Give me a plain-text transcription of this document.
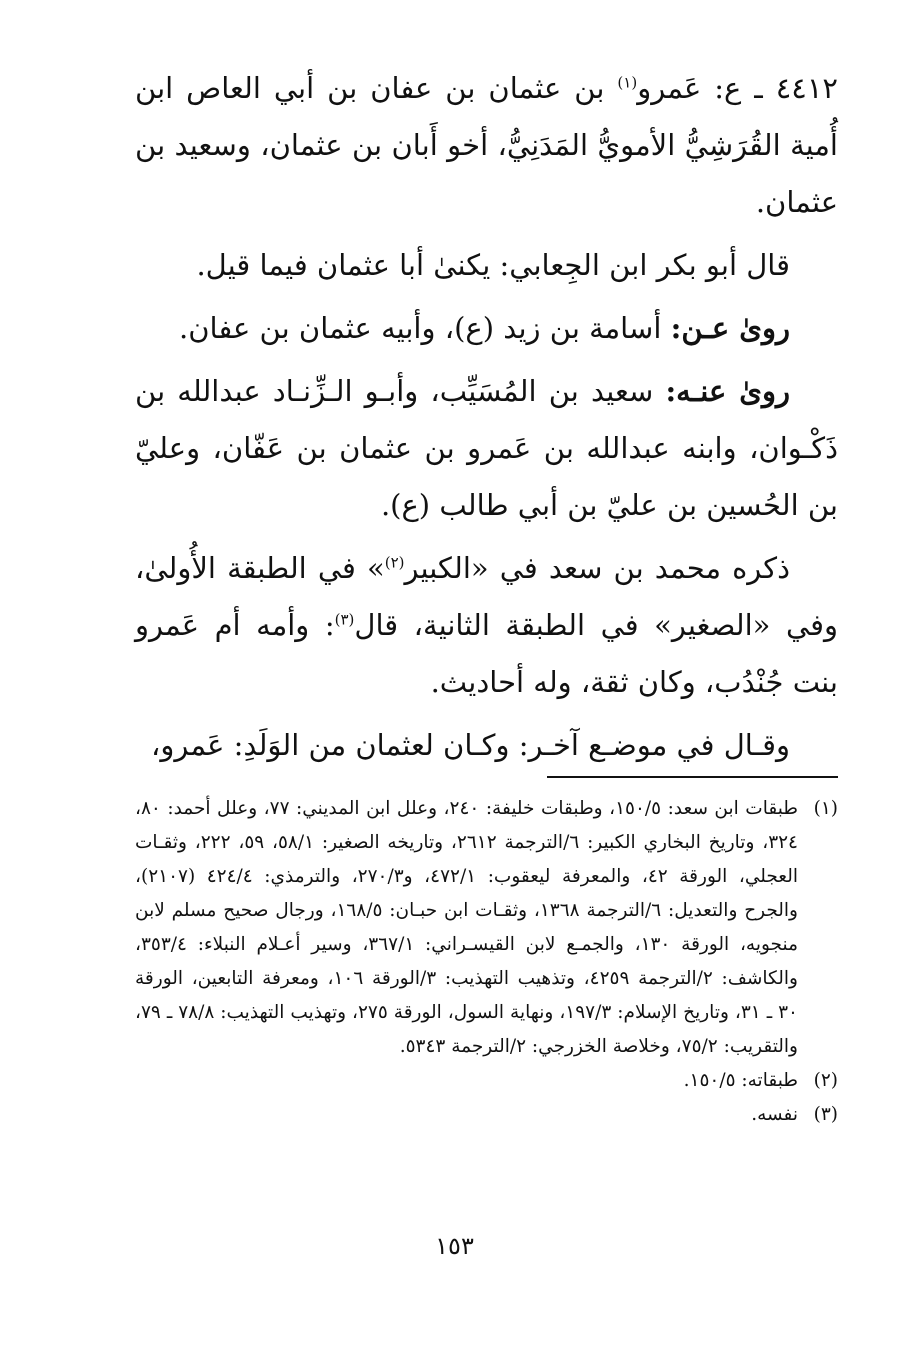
٤٤١٢ ـ ع: عَمرو$^{(١)}$ بن عثمان بن عفان بن أبي العاص ابن أُمية القُرَشِيُّ الأمويُّ المَدَنِيُّ، أخو أَبان بن عثمان، وسعيد بن عثمان.

قال أبو بكر ابن الجِعابي: يكنىٰ أبا عثمان فيما قيل.

رویٰ عـن: أسامة بن زيد (ع)، وأبيه عثمان بن عفان.

رویٰ عنـه: سعيد بن المُسَيِّب، وأبـو الـزِّنـاد عبدالله بن ذَكْـوان، وابنه عبدالله بن عَمرو بن عثمان بن عَفّان، وعليّ بن الحُسين بن عليّ بن أبي طالب (ع).

ذكره محمد بن سعد في «الكبير$^{(٢)}$» في الطبقة الأُولىٰ، وفي «الصغير» في الطبقة الثانية، قال$^{(٣)}$: وأمه أم عَمرو بنت جُنْدُب، وكان ثقة، وله أحاديث.

وقـال في موضـع آخـر: وكـان لعثمان من الوَلَدِ: عَمرو،

(١)
طبقات ابن سعد: ١٥٠/٥، وطبقات خليفة: ٢٤٠، وعلل ابن المديني: ٧٧، وعلل أحمد: ٨٠، ٣٢٤، وتاريخ البخاري الكبير: ٦/الترجمة ٢٦١٢، وتاريخه الصغير: ٥٨/١، ٥٩، ٢٢٢، وثقـات العجلي، الورقة ٤٢، والمعرفة ليعقوب: ٤٧٢/١، و٢٧٠/٣، والترمذي: ٤٢٤/٤ (٢١٠٧)، والجرح والتعديل: ٦/الترجمة ١٣٦٨، وثقـات ابن حبـان: ١٦٨/٥، ورجال صحيح مسلم لابن منجويه، الورقة ١٣٠، والجمـع لابن القيسـراني: ٣٦٧/١، وسير أعـلام النبلاء: ٣٥٣/٤، والكاشف: ٢/الترجمة ٤٢٥٩، وتذهيب التهذيب: ٣/الورقة ١٠٦، ومعرفة التابعين، الورقة ٣٠ ـ ٣١، وتاريخ الإسلام: ١٩٧/٣، ونهاية السول، الورقة ٢٧٥، وتهذيب التهذيب: ٧٨/٨ ـ ٧٩، والتقريب: ٧٥/٢، وخلاصة الخزرجي: ٢/الترجمة ٥٣٤٣.
(٢)
طبقاته: ١٥٠/٥.
(٣)
نفسه.
١٥٣
